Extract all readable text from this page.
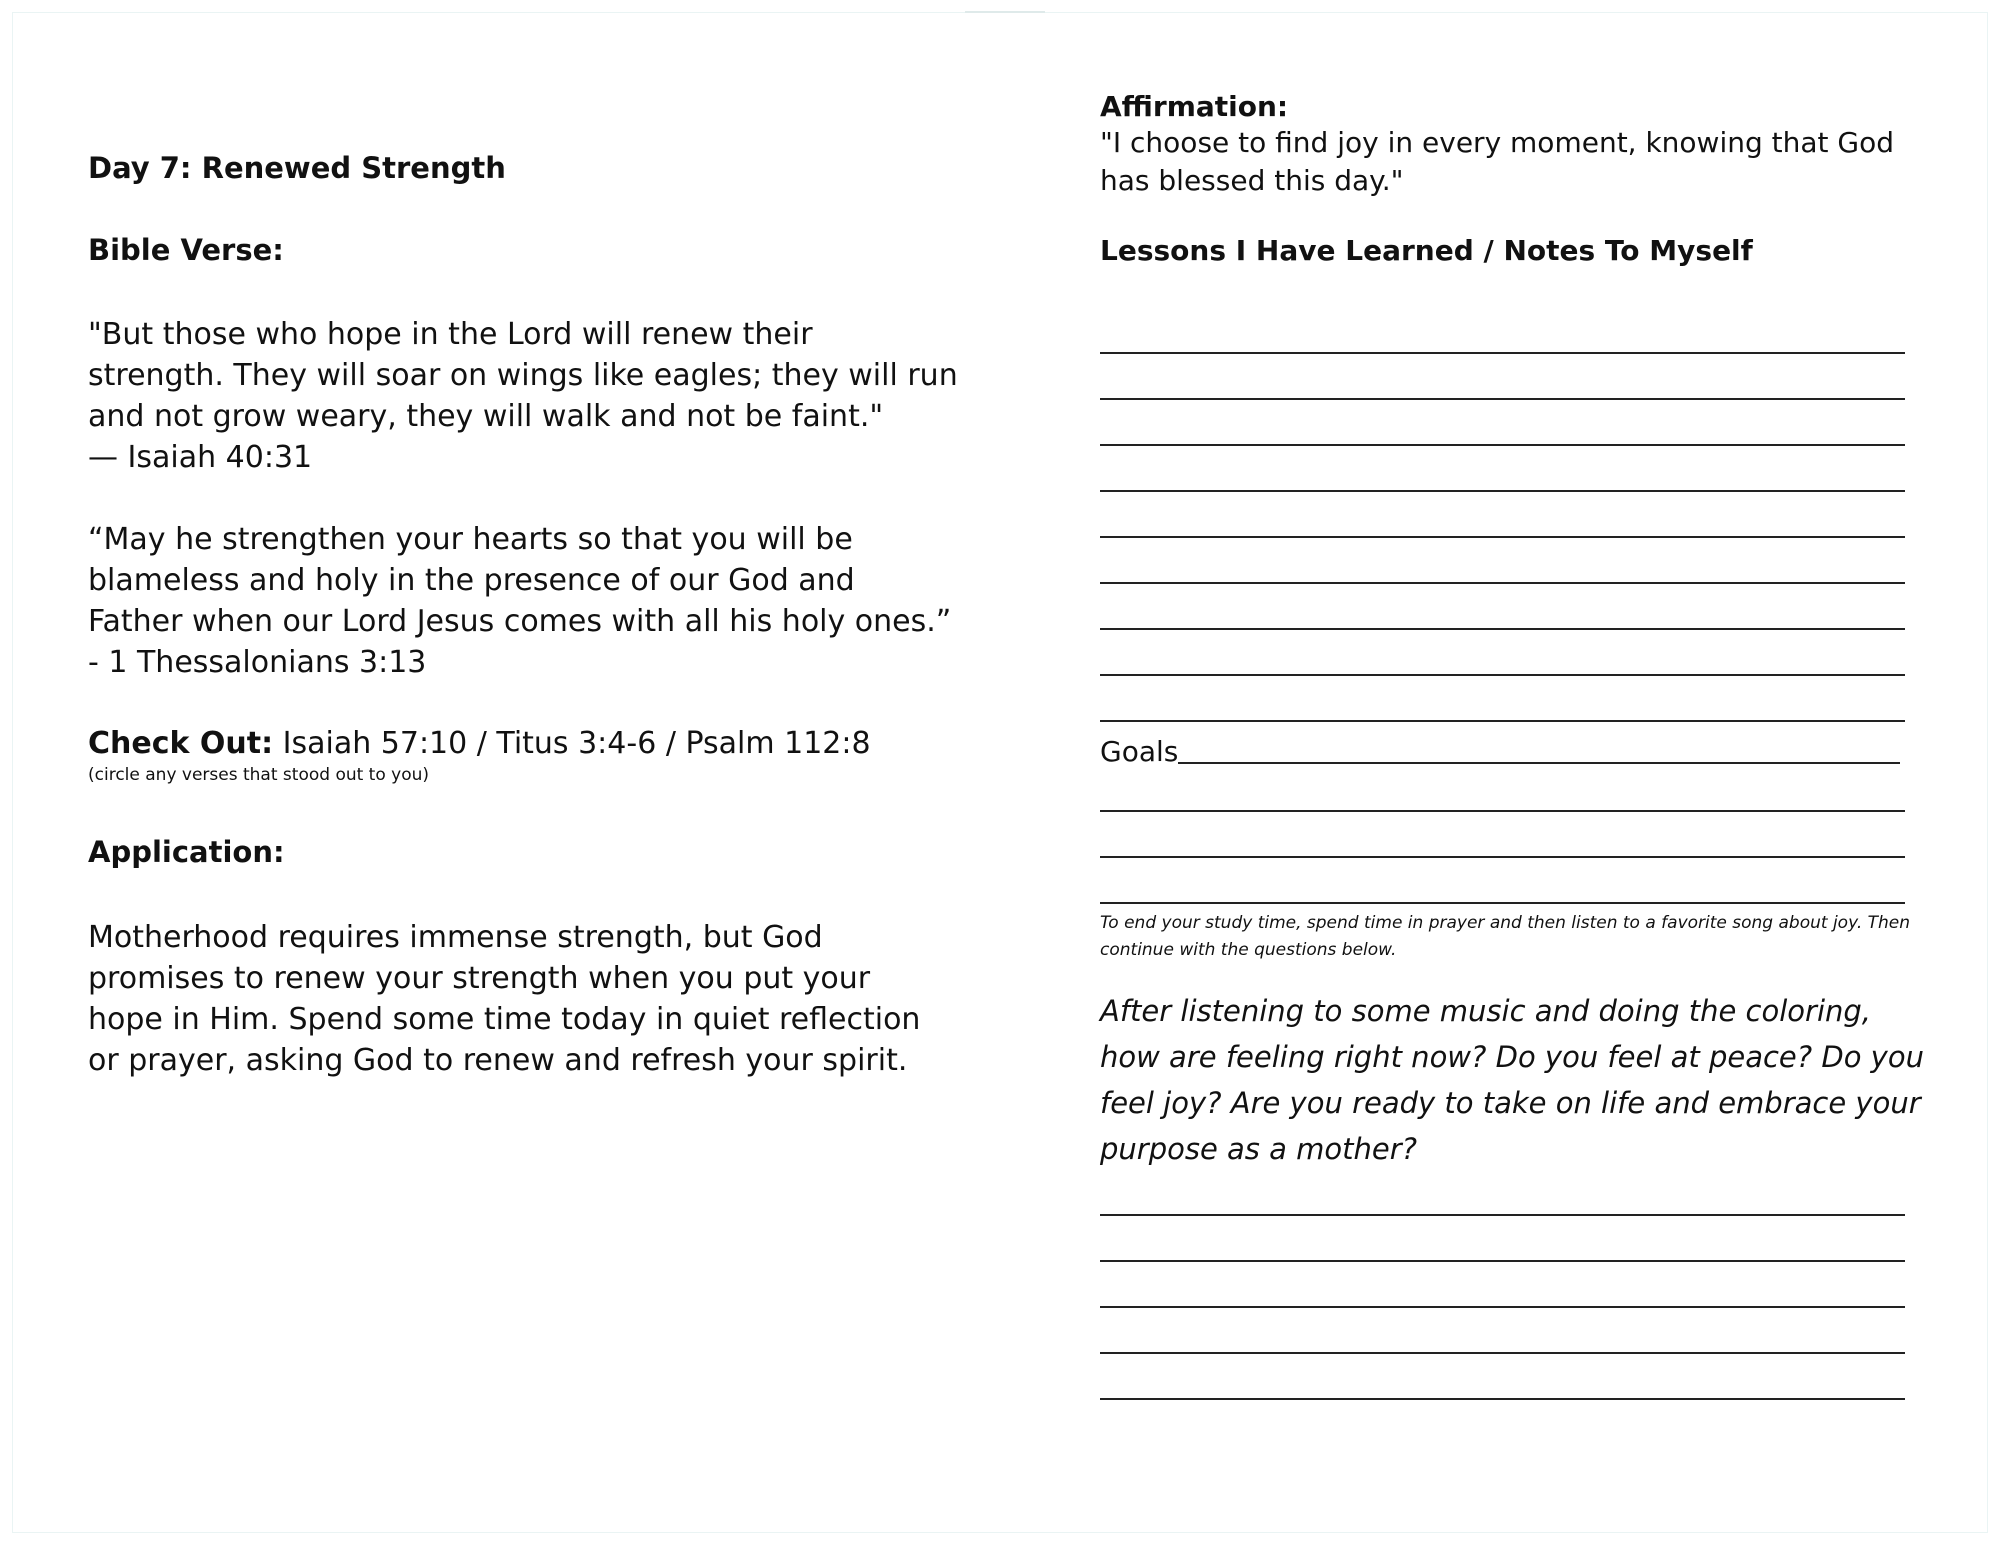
Day 7: Renewed Strength

Bible Verse:

"But those who hope in the Lord will renew their

strength. They will soar on wings like eagles; they will run

and not grow weary, they will walk and not be faint."

— Isaiah 40:31

“May he strengthen your hearts so that you will be

blameless and holy in the presence of our God and

Father when our Lord Jesus comes with all his holy ones.”

- 1 Thessalonians 3:13

Check Out: Isaiah 57:10 / Titus 3:4-6 / Psalm 112:8

(circle any verses that stood out to you)

Application:

Motherhood requires immense strength, but God

promises to renew your strength when you put your

hope in Him. Spend some time today in quiet reflection

or prayer, asking God to renew and refresh your spirit.

Affirmation:

"I choose to find joy in every moment, knowing that God

has blessed this day."

Lessons I Have Learned / Notes To Myself

Goals
To end your study time, spend time in prayer and then listen to a favorite song about joy. Then
continue with the questions below.
After listening to some music and doing the coloring,
how are feeling right now? Do you feel at peace? Do you
feel joy? Are you ready to take on life and embrace your
purpose as a mother?
